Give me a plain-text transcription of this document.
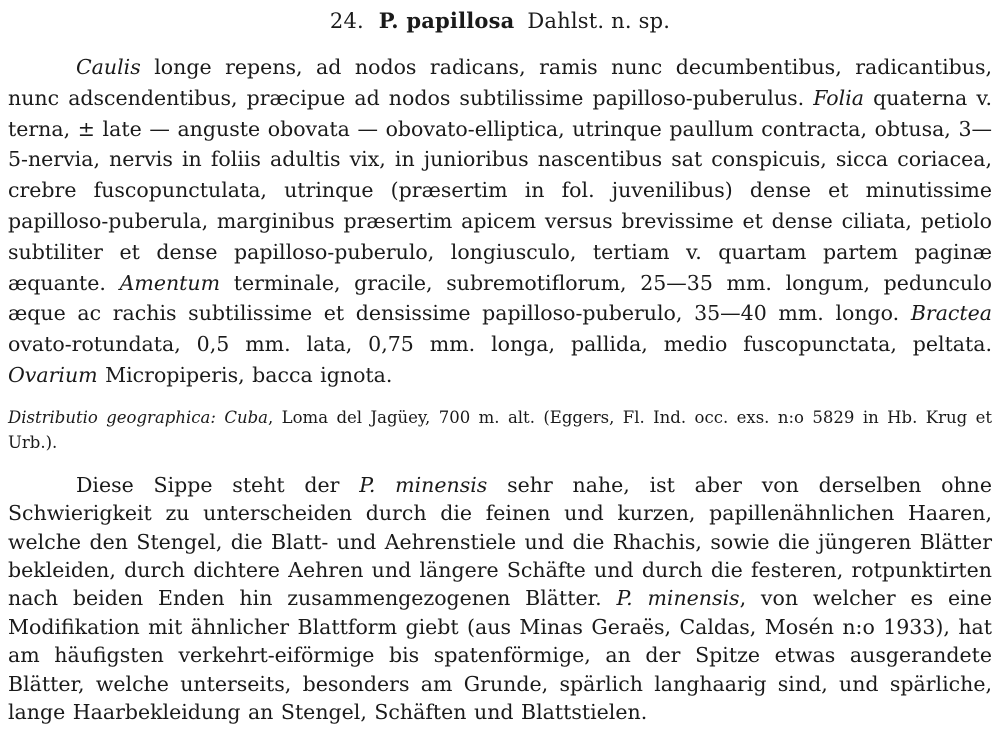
24. P. papillosa Dahlst. n. sp.

Caulis longe repens, ad nodos radicans, ramis nunc decumbentibus, radicantibus, nunc adscendentibus, præcipue ad nodos subtilissime papilloso-puberulus. Folia quaterna v. terna, ± late — anguste obovata — obovato-elliptica, utrinque paullum contracta, obtusa, 3—5-nervia, nervis in foliis adultis vix, in junioribus nascentibus sat conspicuis, sicca coriacea, crebre fuscopunctulata, utrinque (præsertim in fol. juvenilibus) dense et minutissime papilloso-puberula, marginibus præsertim apicem versus brevissime et dense ciliata, petiolo subtiliter et dense papilloso-puberulo, longiusculo, tertiam v. quartam partem paginæ æquante. Amentum terminale, gracile, subremotiflorum, 25—35 mm. longum, pedunculo æque ac rachis subtilissime et densissime papilloso-puberulo, 35—40 mm. longo. Bractea ovato-rotundata, 0,5 mm. lata, 0,75 mm. longa, pallida, medio fuscopunctata, peltata. Ovarium Micropiperis, bacca ignota.

Distributio geographica: Cuba, Loma del Jagüey, 700 m. alt. (Eggers, Fl. Ind. occ. exs. n:o 5829 in Hb. Krug et Urb.).

Diese Sippe steht der P. minensis sehr nahe, ist aber von derselben ohne Schwierigkeit zu unterscheiden durch die feinen und kurzen, papillenähnlichen Haaren, welche den Stengel, die Blatt- und Aehrenstiele und die Rhachis, sowie die jüngeren Blätter bekleiden, durch dichtere Aehren und längere Schäfte und durch die festeren, rotpunktirten nach beiden Enden hin zusammengezogenen Blätter. P. minensis, von welcher es eine Modifikation mit ähnlicher Blattform giebt (aus Minas Geraës, Caldas, Mosén n:o 1933), hat am häufigsten verkehrt-eiförmige bis spatenförmige, an der Spitze etwas ausgerandete Blätter, welche unterseits, besonders am Grunde, spärlich langhaarig sind, und spärliche, lange Haarbekleidung an Stengel, Schäften und Blattstielen.
